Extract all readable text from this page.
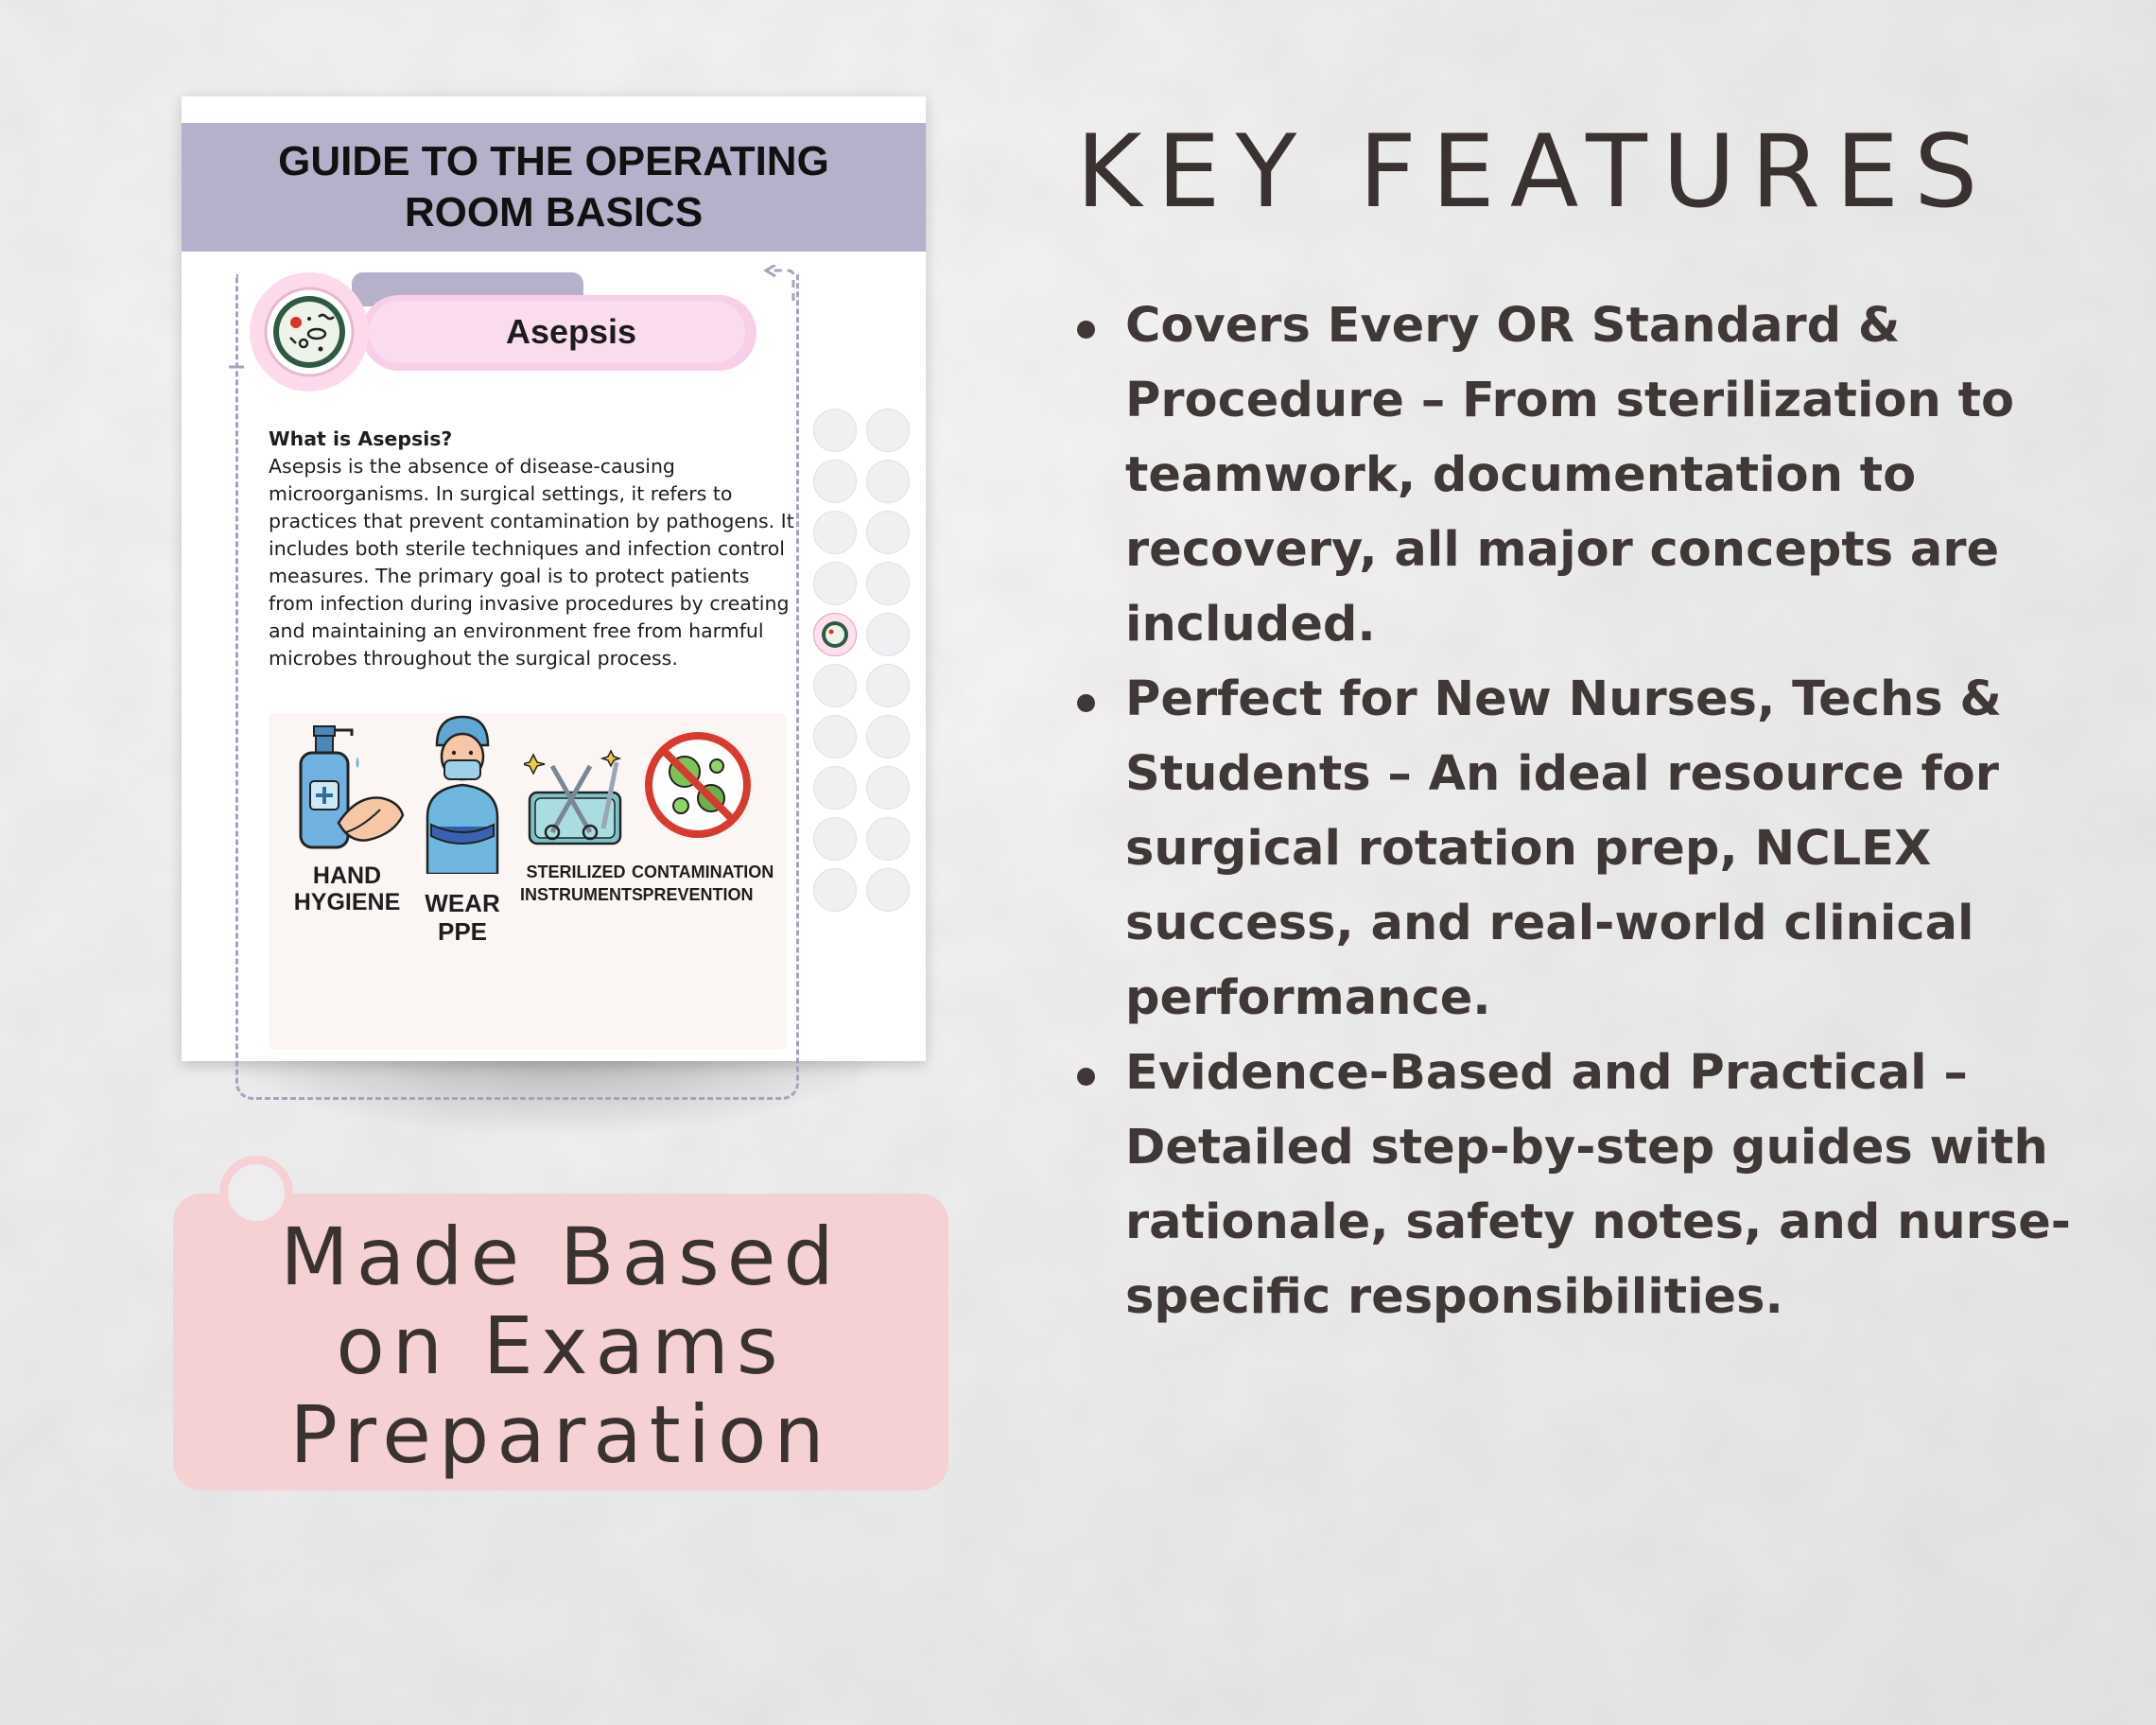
GUIDE TO THE OPERATING ROOM BASICS
Asepsis
What is Asepsis?
Asepsis is the absence of disease-causing microorganisms. In surgical settings, it refers to practices that prevent contamination by pathogens. It includes both sterile techniques and infection control measures. The primary goal is to protect patients from infection during invasive procedures by creating and maintaining an environment free from harmful microbes throughout the surgical process.
HAND HYGIENE	WEAR PPE
STERILIZED INSTRUMENTS
CONTAMINATION PREVENTION
Made Based
on Exams
Preparation
KEY FEATURES
Covers Every OR Standard & Procedure – From sterilization to teamwork, documentation to recovery, all major concepts are included.
Perfect for New Nurses, Techs & Students – An ideal resource for surgical rotation prep, NCLEX success, and real-world clinical performance.
Evidence-Based and Practical – Detailed step-by-step guides with rationale, safety notes, and nurse-specific responsibilities.
